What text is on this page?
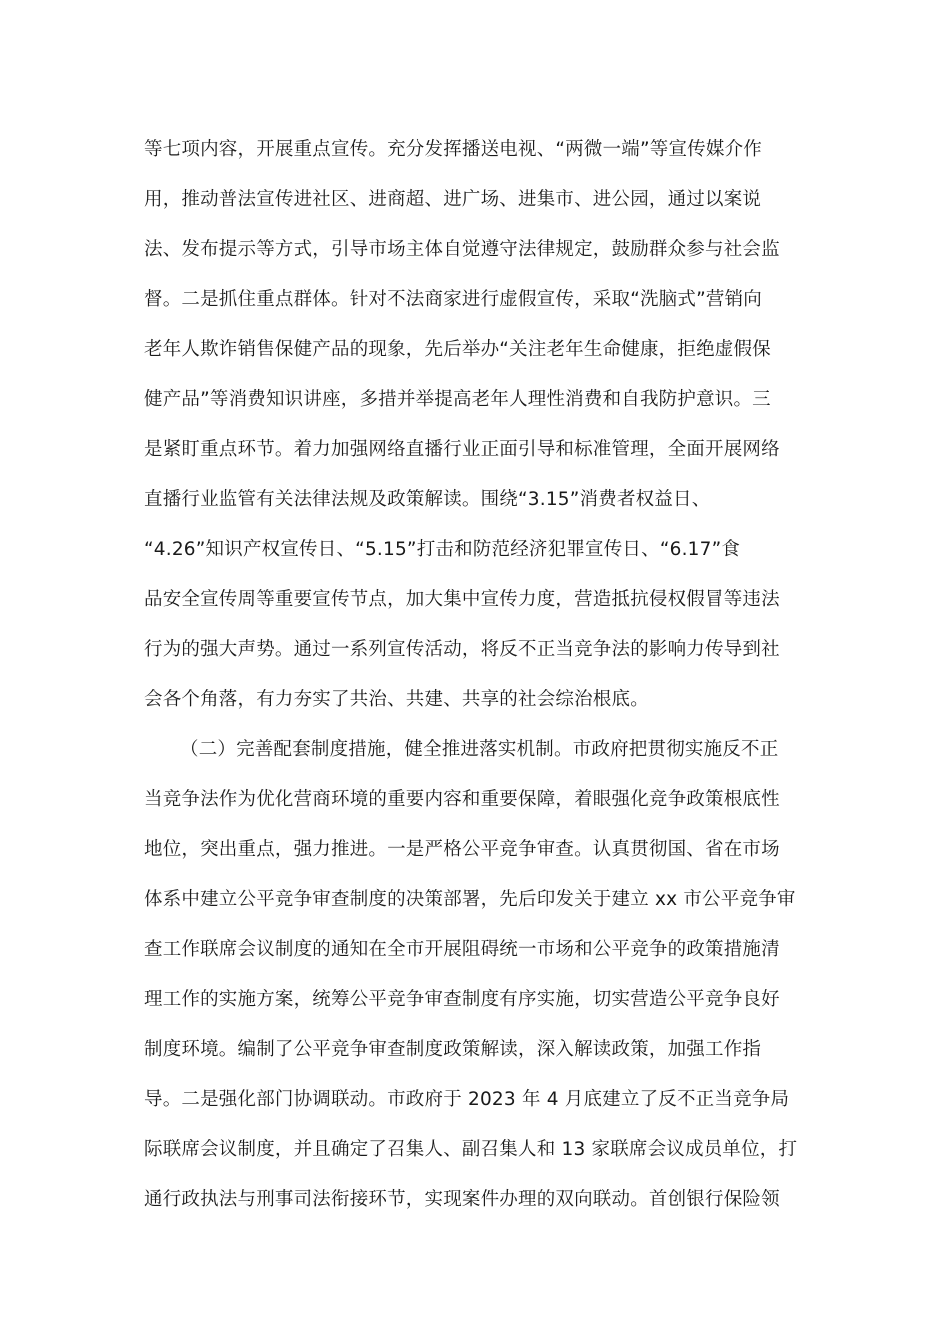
等七项内容，开展重点宣传。充分发挥播送电视、“两微一端”等宣传媒介作
用，推动普法宣传进社区、进商超、进广场、进集市、进公园，通过以案说
法、发布提示等方式，引导市场主体自觉遵守法律规定，鼓励群众参与社会监
督。二是抓住重点群体。针对不法商家进行虚假宣传，采取“洗脑式”营销向
老年人欺诈销售保健产品的现象，先后举办“关注老年生命健康，拒绝虚假保
健产品”等消费知识讲座，多措并举提高老年人理性消费和自我防护意识。三
是紧盯重点环节。着力加强网络直播行业正面引导和标准管理，全面开展网络
直播行业监管有关法律法规及政策解读。围绕“3.15”消费者权益日、
“4.26”知识产权宣传日、“5.15”打击和防范经济犯罪宣传日、“6.17”食
品安全宣传周等重要宣传节点，加大集中宣传力度，营造抵抗侵权假冒等违法
行为的强大声势。通过一系列宣传活动，将反不正当竞争法的影响力传导到社
会各个角落，有力夯实了共治、共建、共享的社会综治根底。
（二）完善配套制度措施，健全推进落实机制。市政府把贯彻实施反不正
当竞争法作为优化营商环境的重要内容和重要保障，着眼强化竞争政策根底性
地位，突出重点，强力推进。一是严格公平竞争审查。认真贯彻国、省在市场
体系中建立公平竞争审查制度的决策部署，先后印发关于建立 xx 市公平竞争审
查工作联席会议制度的通知在全市开展阻碍统一市场和公平竞争的政策措施清
理工作的实施方案，统筹公平竞争审查制度有序实施，切实营造公平竞争良好
制度环境。编制了公平竞争审查制度政策解读，深入解读政策，加强工作指
导。二是强化部门协调联动。市政府于 2023 年 4 月底建立了反不正当竞争局
际联席会议制度，并且确定了召集人、副召集人和 13 家联席会议成员单位，打
通行政执法与刑事司法衔接环节，实现案件办理的双向联动。首创银行保险领
